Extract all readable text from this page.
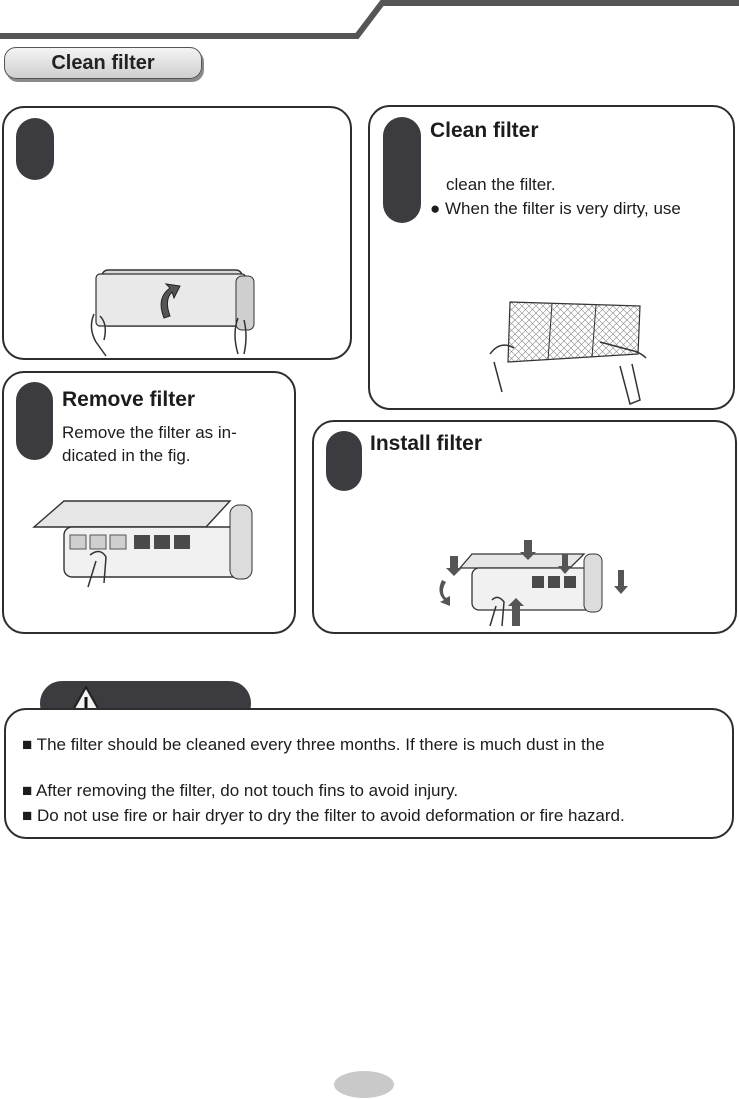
Clean filter
Clean filter
clean the filter.
● When the filter is very dirty, use
Remove filter
Remove the filter as in-
dicated in the fig.
Install filter
■ The filter should be cleaned every three months. If there is much dust in the
■ After removing the filter, do not touch fins to avoid injury.
■ Do not use fire or hair dryer to dry the filter to avoid deformation or fire hazard.
